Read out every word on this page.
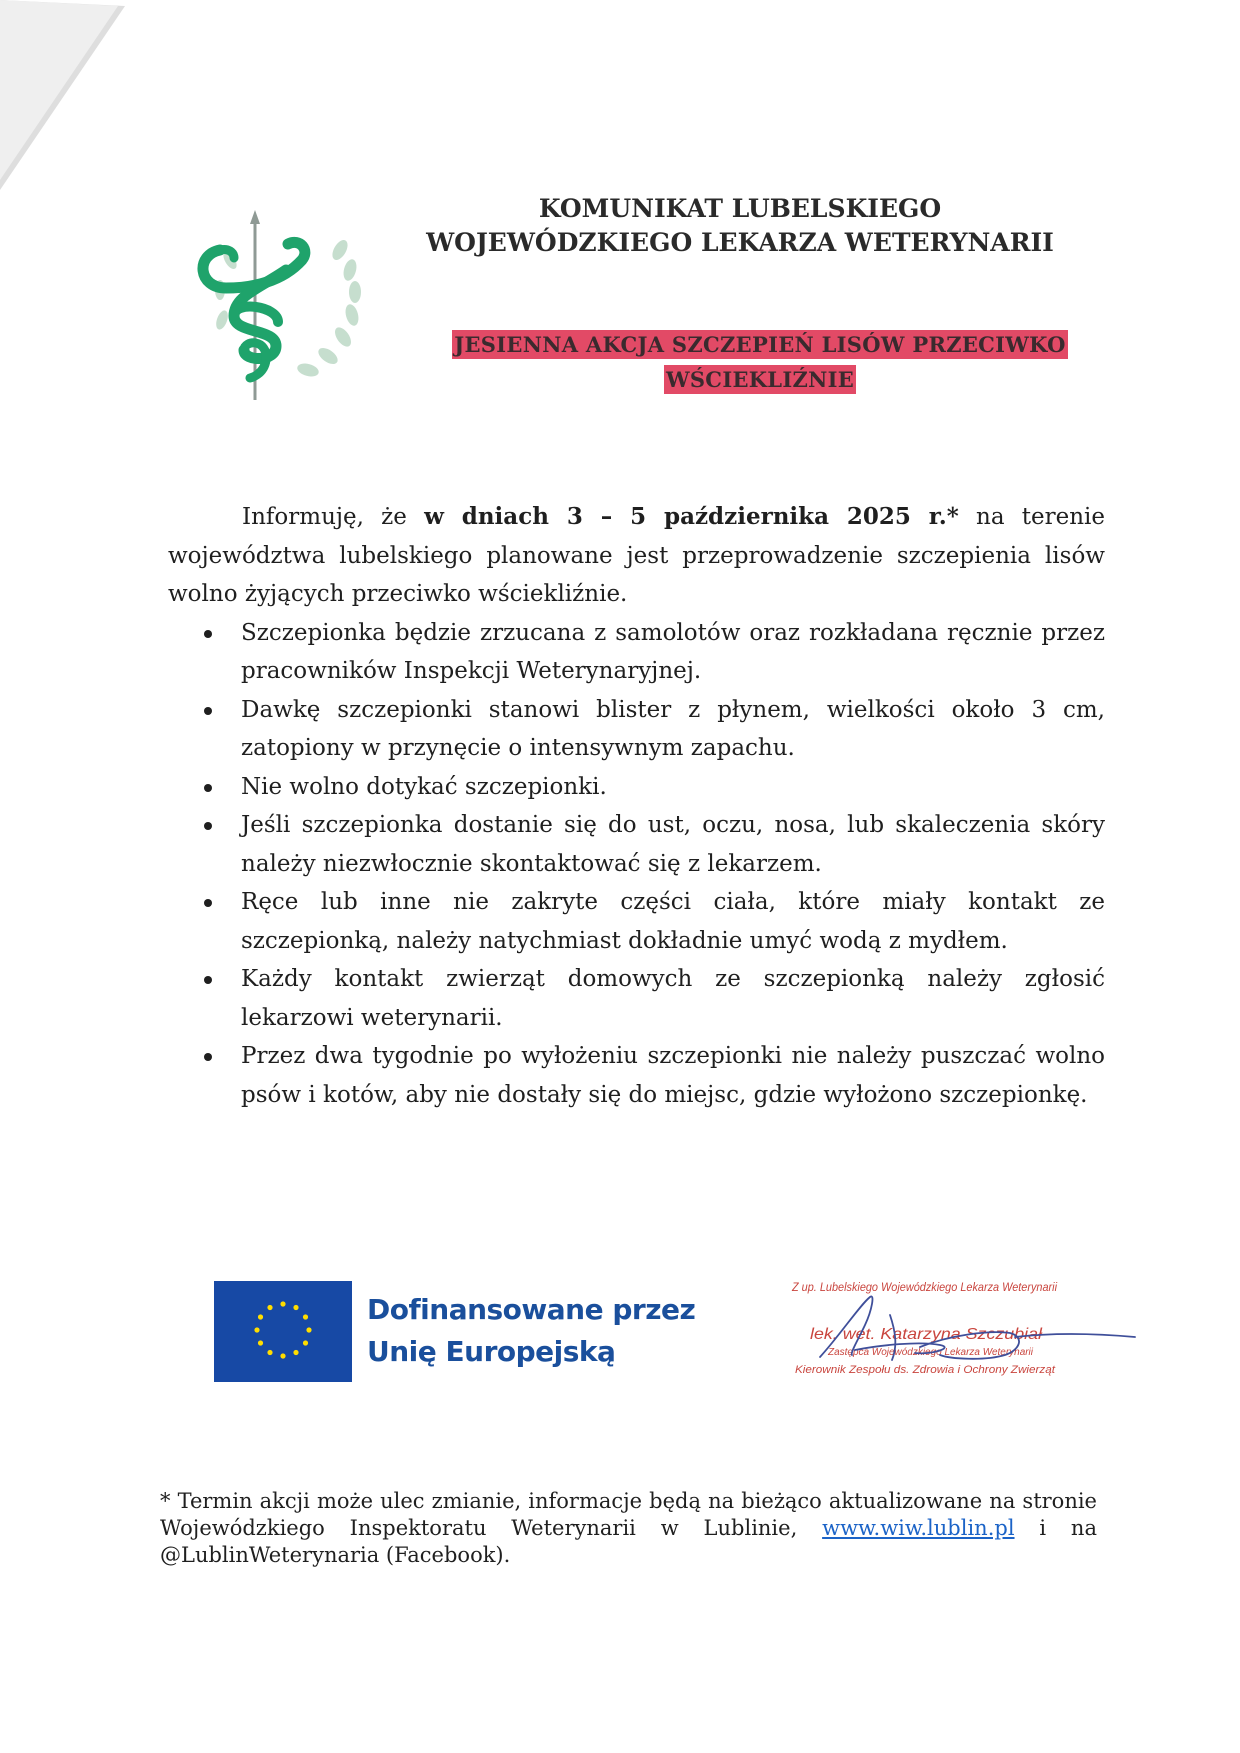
KOMUNIKAT LUBELSKIEGO
WOJEWÓDZKIEGO LEKARZA WETERYNARII
JESIENNA AKCJA SZCZEPIEŃ LISÓW PRZECIWKO
WŚCIEKLIŹNIE

Informuję, że w dniach 3 – 5 października 2025 r.* na terenie województwa lubelskiego planowane jest przeprowadzenie szczepienia lisów wolno żyjących przeciwko wściekliźnie.

Szczepionka będzie zrzucana z samolotów oraz rozkładana ręcznie przez pracowników Inspekcji Weterynaryjnej.
Dawkę szczepionki stanowi blister z płynem, wielkości około 3 cm, zatopiony w przynęcie o intensywnym zapachu.
Nie wolno dotykać szczepionki.
Jeśli szczepionka dostanie się do ust, oczu, nosa, lub skaleczenia skóry należy niezwłocznie skontaktować się z lekarzem.
Ręce lub inne nie zakryte części ciała, które miały kontakt ze szczepionką, należy natychmiast dokładnie umyć wodą z mydłem.
Każdy kontakt zwierząt domowych ze szczepionką należy zgłosić lekarzowi weterynarii.
Przez dwa tygodnie po wyłożeniu szczepionki nie należy puszczać wolno psów i kotów, aby nie dostały się do miejsc, gdzie wyłożono szczepionkę.
Dofinansowane przez
Unię Europejską
Z up. Lubelskiego Wojewódzkiego Lekarza Weterynarii
lek. wet. Katarzyna Szczubiał
Zastępca Wojewódzkiego Lekarza Weterynarii
Kierownik Zespołu ds. Zdrowia i Ochrony Zwierząt
* Termin akcji może ulec zmianie, informacje będą na bieżąco aktualizowane na stronie Wojewódzkiego Inspektoratu Weterynarii w Lublinie, www.wiw.lublin.pl i na @LublinWeterynaria (Facebook).
